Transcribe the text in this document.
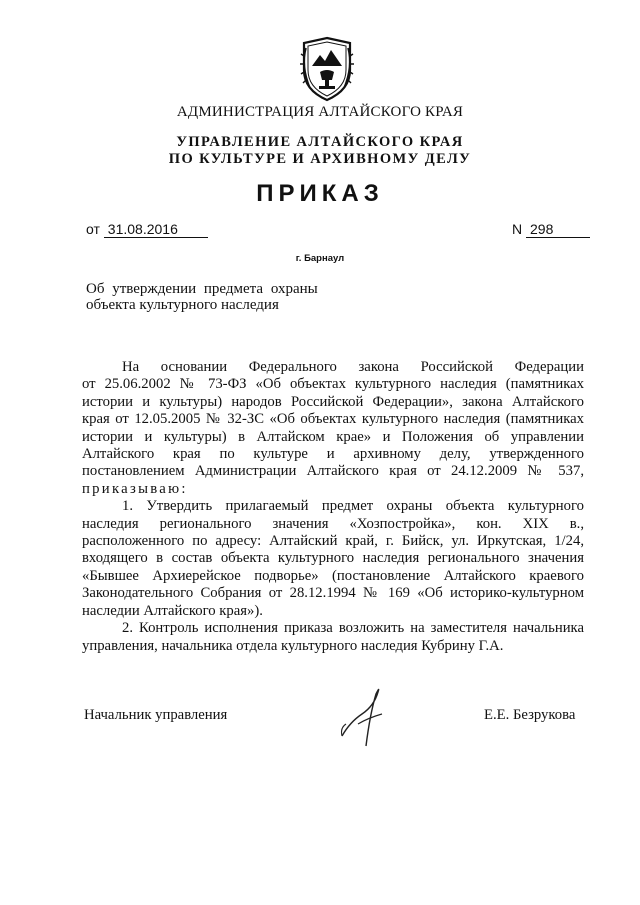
АДМИНИСТРАЦИЯ АЛТАЙСКОГО КРАЯ
УПРАВЛЕНИЕ АЛТАЙСКОГО КРАЯ
ПО КУЛЬТУРЕ И АРХИВНОМУ ДЕЛУ
ПРИКАЗ
от 31.08.2016	N 298
г. Барнаул
Об утверждении предмета охраны
объекта культурного наследия

На основании Федерального закона Российской Федерации

от 25.06.2002 № 73-ФЗ «Об объектах культурного наследия (памятниках

истории и культуры) народов Российской Федерации», закона Алтайского

края от 12.05.2005 № 32-ЗС «Об объектах культурного наследия (памятниках

истории и культуры) в Алтайском крае» и Положения об управлении

Алтайского края по культуре и архивному делу, утвержденного

постановлением Администрации Алтайского края от 24.12.2009 № 537,

приказываю:

1. Утвердить прилагаемый предмет охраны объекта культурного

наследия регионального значения «Хозпостройка», кон. XIX в.,

расположенного по адресу: Алтайский край, г. Бийск, ул. Иркутская, 1/24,

входящего в состав объекта культурного наследия регионального значения

«Бывшее Архиерейское подворье» (постановление Алтайского краевого

Законодательного Собрания от 28.12.1994 № 169 «Об историко-культурном

наследии Алтайского края»).

2. Контроль исполнения приказа возложить на заместителя начальника

управления, начальника отдела культурного наследия Кубрину Г.А.

Начальник управления	Е.Е. Безрукова
